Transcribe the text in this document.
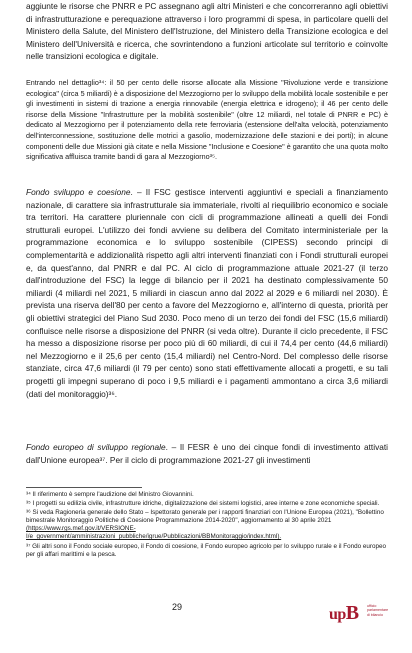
aggiunte le risorse che PNRR e PC assegnano agli altri Ministeri e che concorreranno agli obiettivi di infrastrutturazione e perequazione attraverso i loro programmi di spesa, in particolare quelli del Ministero della Salute, del Ministero dell'Istruzione, del Ministero della Transizione ecologica e del Ministero dell'Università e ricerca, che sovrintendono a funzioni articolate sul territorio e coinvolte nelle transizioni ecologica e digitale.

Entrando nel dettaglio³⁴: il 50 per cento delle risorse allocate alla Missione "Rivoluzione verde e transizione ecologica" (circa 5 miliardi) è a disposizione del Mezzogiorno per lo sviluppo della mobilità locale sostenibile e per gli investimenti in sistemi di trazione a energia rinnovabile (energia elettrica e idrogeno); il 46 per cento delle risorse della Missione "Infrastrutture per la mobilità sostenibile" (oltre 12 miliardi, nel totale di PNRR e PC) è dedicato al Mezzogiorno per il potenziamento della rete ferroviaria (estensione dell'alta velocità, potenziamento dell'interconnessione, sostituzione delle motrici a gasolio, modernizzazione delle stazioni e dei porti); in alcune componenti delle due Missioni già citate e nella Missione "Inclusione e Coesione" è garantito che una quota molto significativa affluisca tramite bandi di gara al Mezzogiorno³⁵.

Fondo sviluppo e coesione. – Il FSC gestisce interventi aggiuntivi e speciali a finanziamento nazionale, di carattere sia infrastrutturale sia immateriale, rivolti al riequilibrio economico e sociale tra territori. Ha carattere pluriennale con cicli di programmazione allineati a quelli dei Fondi strutturali europei. L'utilizzo dei fondi avviene su delibera del Comitato interministeriale per la programmazione economica e lo sviluppo sostenibile (CIPESS) secondo principi di complementarità e addizionalità rispetto agli altri interventi finanziati con i Fondi strutturali europei e, da quest'anno, dal PNRR e dal PC. Al ciclo di programmazione attuale 2021-27 (il terzo dall'introduzione del FSC) la legge di bilancio per il 2021 ha destinato complessivamente 50 miliardi (4 miliardi nel 2021, 5 miliardi in ciascun anno dal 2022 al 2029 e 6 miliardi nel 2030). È prevista una riserva dell'80 per cento a favore del Mezzogiorno e, all'interno di questa, priorità per gli obiettivi strategici del Piano Sud 2030. Poco meno di un terzo dei fondi del FSC (15,6 miliardi) confluisce nelle risorse a disposizione del PNRR (si veda oltre). Durante il ciclo precedente, il FSC ha messo a disposizione risorse per poco più di 60 miliardi, di cui il 74,4 per cento (44,6 miliardi) nel Mezzogiorno e il 25,6 per cento (15,4 miliardi) nel Centro-Nord. Del complesso delle risorse stanziate, circa 47,6 miliardi (il 79 per cento) sono stati effettivamente allocati a progetti, e su tali progetti gli impegni superano di poco i 9,5 miliardi e i pagamenti ammontano a circa 3,6 miliardi (dati del monitoraggio)³⁶.

Fondo europeo di sviluppo regionale. – Il FESR è uno dei cinque fondi di investimento attivati dall'Unione europea³⁷. Per il ciclo di programmazione 2021-27 gli investimenti

³⁴ Il riferimento è sempre l'audizione del Ministro Giovannini.

³⁵ I progetti su edilizia civile, infrastrutture idriche, digitalizzazione dei sistemi logistici, aree interne e zone economiche speciali.

³⁶ Si veda Ragioneria generale dello Stato – Ispettorato generale per i rapporti finanziari con l'Unione Europea (2021), "Bollettino bimestrale Monitoraggio Politiche di Coesione Programmazione 2014-2020", aggiornamento al 30 aprile 2021
(https://www.rgs.mef.gov.it/VERSIONE-I/e_government/amministrazioni_pubbliche/igrue/Pubblicazioni/BBMonitoraggio/index.html).

³⁷ Gli altri sono il Fondo sociale europeo, il Fondo di coesione, il Fondo europeo agricolo per lo sviluppo rurale e il Fondo europeo per gli affari marittimi e la pesca.

29	upB ufficio parlamentare di bilancio
